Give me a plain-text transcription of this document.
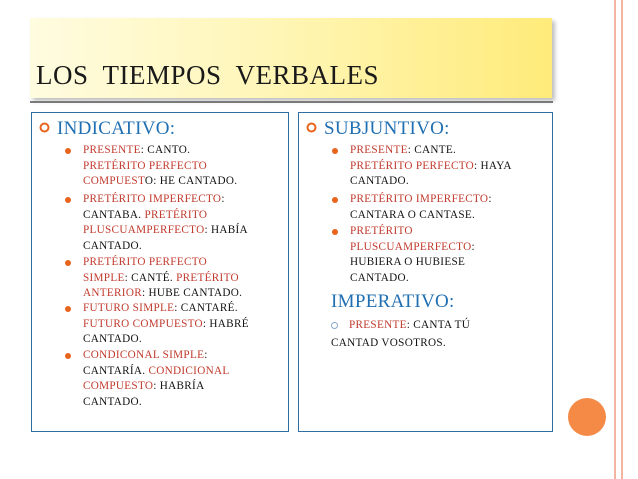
LOS  TIEMPOS  VERBALES
INDICATIVO:
PRESENTE: CANTO.
PRETÉRITO PERFECTO
COMPUESTO: HE CANTADO.
PRETÉRITO IMPERFECTO:
CANTABA. PRETÉRITO
PLUSCUAMPERFECTO: HABÍA
CANTADO.
PRETÉRITO PERFECTO
SIMPLE: CANTÉ. PRETÉRITO
ANTERIOR: HUBE CANTADO.
FUTURO SIMPLE: CANTARÉ.
FUTURO COMPUESTO: HABRÉ
CANTADO.
CONDICONAL SIMPLE:
CANTARÍA. CONDICIONAL
COMPUESTO: HABRÍA
CANTADO.
SUBJUNTIVO:
PRESENTE: CANTE.
PRETÉRITO PERFECTO: HAYA
CANTADO.
PRETÉRITO IMPERFECTO:
CANTARA O CANTASE.
PRETÉRITO
PLUSCUAMPERFECTO:
HUBIERA O HUBIESE
CANTADO.
IMPERATIVO:
PRESENTE: CANTA TÚ
CANTAD VOSOTROS.
